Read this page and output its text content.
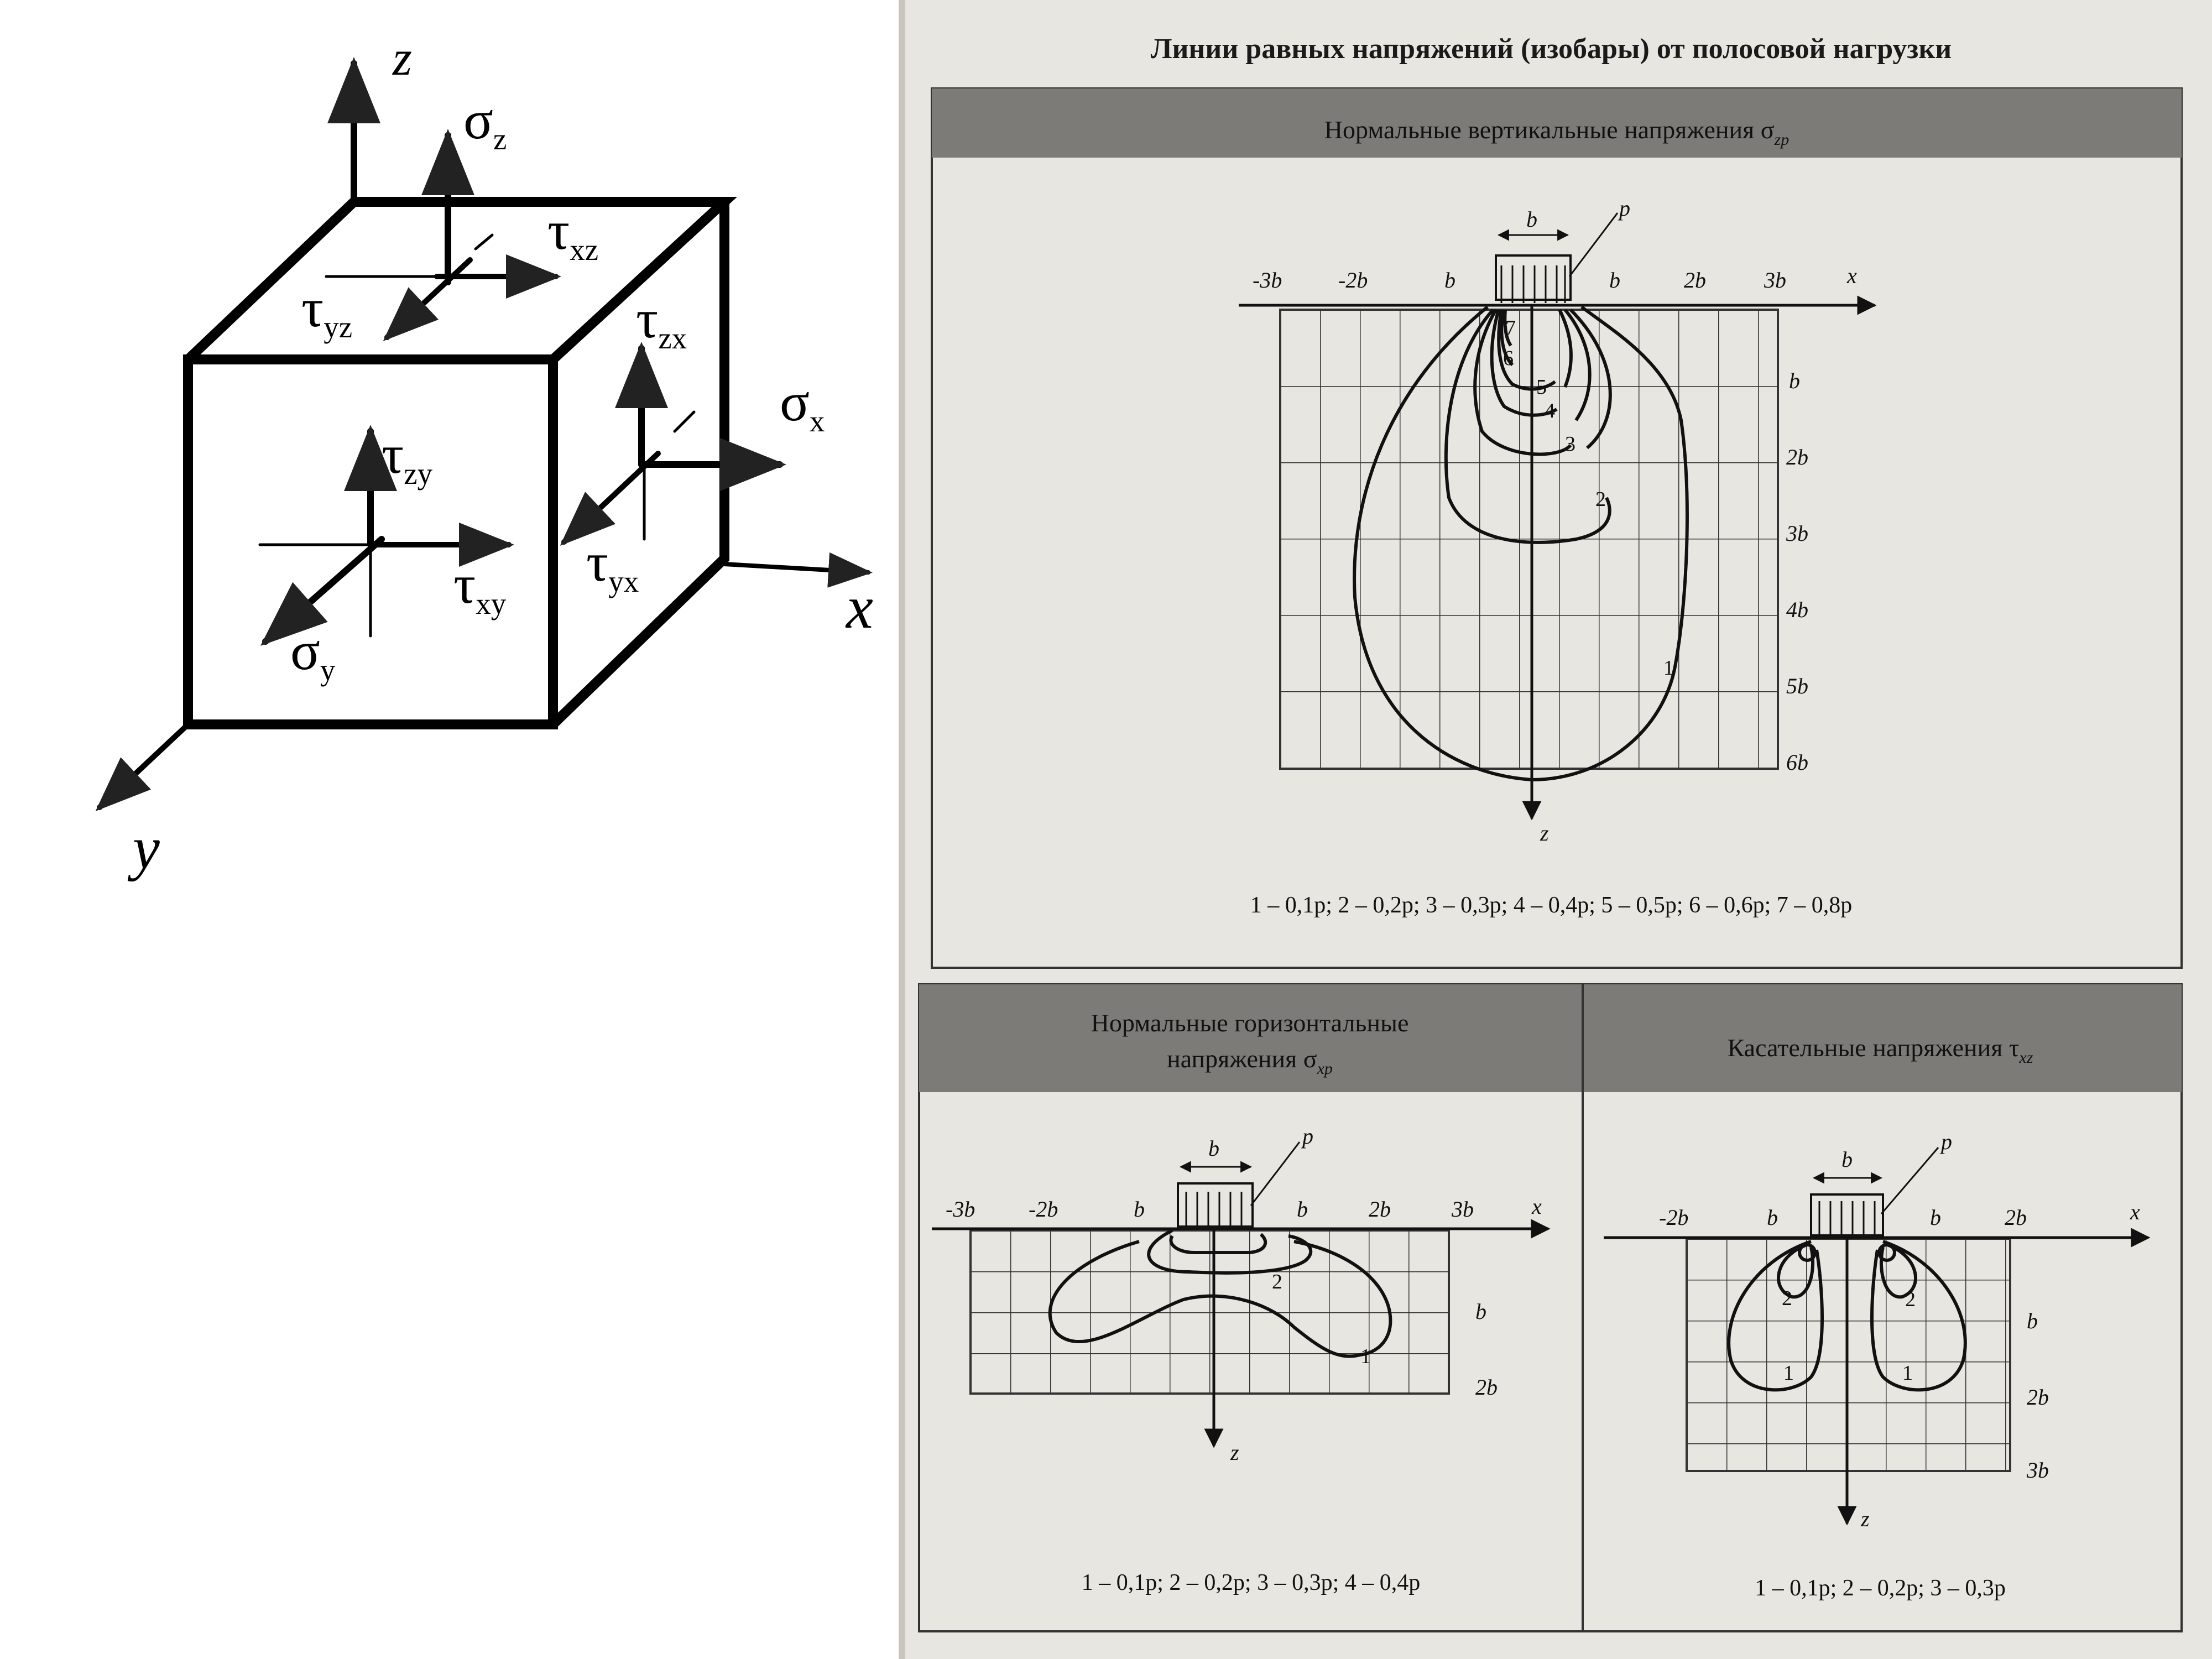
z
x
y
$\sigma_z$
$\tau_{xz}$
$\tau_{yz}$	$\tau_{zx}$
$\sigma_x$
$\tau_{yx}$
$\tau_{zy}$
$\tau_{xy}$
$\sigma_y$
Линии равных напряжений (изобары) от полосовой нагрузки
Нормальные вертикальные напряжения $\sigma_{zp}$
b	p
-3b	-2b	b	b	2b	3b	x
b
2b
3b
4b
5b
6b
z
1
2
3
4
5
6
7
1 – 0,1p; 2 – 0,2p; 3 – 0,3p; 4 – 0,4p; 5 – 0,5p; 6 – 0,6p; 7 – 0,8p
Нормальные горизонтальные
напряжения $\sigma_{xp}$
Касательные напряжения $\tau_{xz}$
b	p
-3b -2b	b	b	2b	3b	x
b
2b
z
2
1
1 – 0,1p; 2 – 0,2p; 3 – 0,3p; 4 – 0,4p
b
p
-2b	b	b	2b	x
b
2b
3b
z
1	1
2	2
1 – 0,1p; 2 – 0,2p; 3 – 0,3p
